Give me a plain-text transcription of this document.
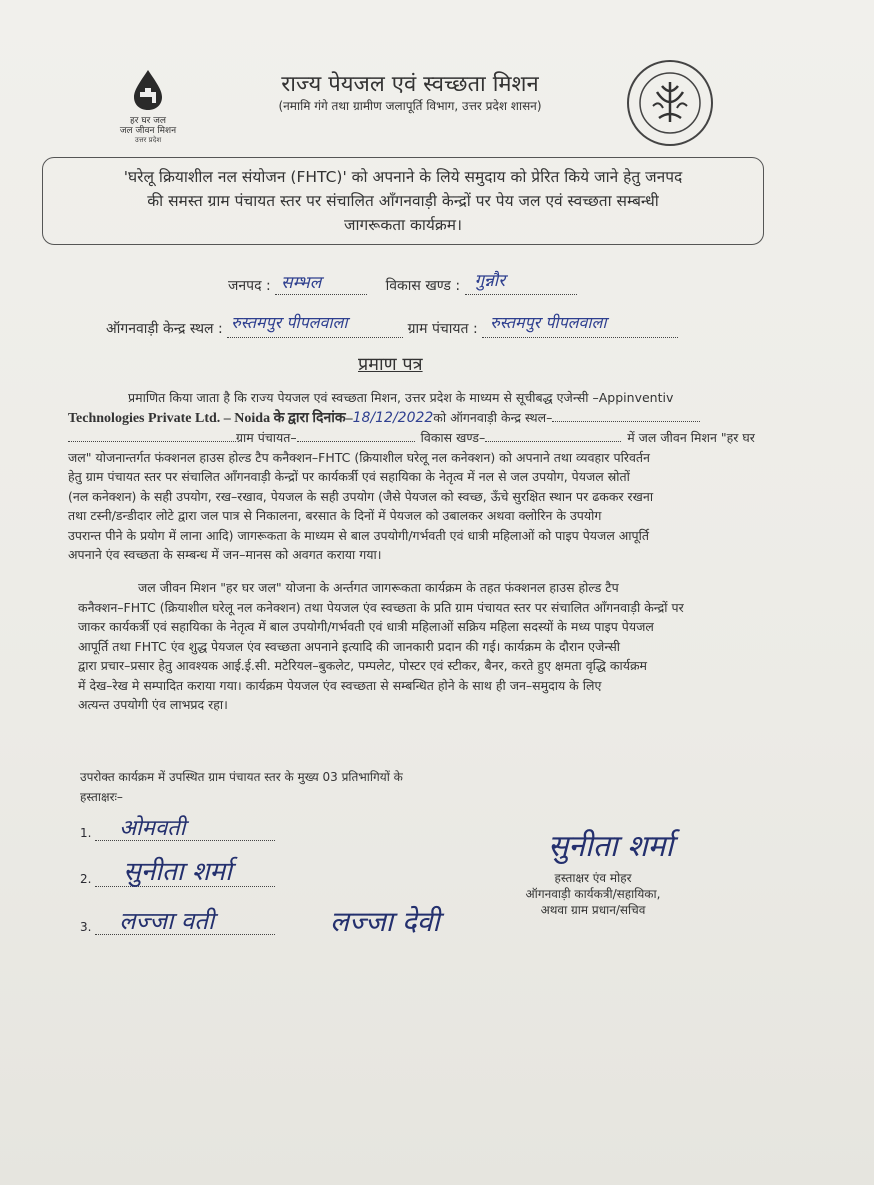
हर घर जल
जल जीवन मिशन
उत्तर प्रदेश
राज्य पेयजल एवं स्वच्छता मिशन
(नमामि गंगे तथा ग्रामीण जलापूर्ति विभाग, उत्तर प्रदेश शासन)
'घरेलू क्रियाशील नल संयोजन (FHTC)' को अपनाने के लिये समुदाय को प्रेरित किये जाने हेतु जनपद
की समस्त ग्राम पंचायत स्तर पर संचालित आँगनवाड़ी केन्द्रों पर पेय जल एवं स्वच्छता सम्बन्धी
जागरूकता कार्यक्रम।
जनपद : सम्भल	विकास खण्ड : गुन्नौर

ऑगनवाड़ी केन्द्र स्थल : रुस्तमपुर पीपलवाला	ग्राम पंचायत : रुस्तमपुर पीपलवाला

प्रमाण पत्र
प्रमाणित किया जाता है कि राज्य पेयजल एवं स्वच्छता मिशन, उत्तर प्रदेश के माध्यम से सूचीबद्ध एजेन्सी –Appinventiv
Technologies Private Ltd. – Noida के द्वारा दिनांक–18/12/2022को ऑगनवाड़ी केन्द्र स्थल–
ग्राम पंचायत–	विकास खण्ड–	में जल जीवन मिशन "हर घर
जल" योजनान्तर्गत फंक्शनल हाउस होल्ड टैप कनैक्शन–FHTC (क्रियाशील घरेलू नल कनेक्शन) को अपनाने तथा व्यवहार परिवर्तन
हेतु ग्राम पंचायत स्तर पर संचालित आँगनवाड़ी केन्द्रों पर कार्यकर्त्री एवं सहायिका के नेतृत्व में नल से जल उपयोग, पेयजल स्रोतों
(नल कनेक्शन) के सही उपयोग, रख–रखाव, पेयजल के सही उपयोग (जैसे पेयजल को स्वच्छ, ऊँचे सुरक्षित स्थान पर ढककर रखना
तथा टस्नी/डन्डीदार लोटे द्वारा जल पात्र से निकालना, बरसात के दिनों में पेयजल को उबालकर अथवा क्लोरिन के उपयोग
उपरान्त पीने के प्रयोग में लाना आदि) जागरूकता के माध्यम से बाल उपयोगी/गर्भवती एवं धात्री महिलाओं को पाइप पेयजल आपूर्ति
अपनाने एंव स्वच्छता के सम्बन्ध में जन–मानस को अवगत कराया गया।
जल जीवन मिशन "हर घर जल" योजना के अर्न्तगत जागरूकता कार्यक्रम के तहत फंक्शनल हाउस होल्ड टैप
कनैक्शन–FHTC (क्रियाशील घरेलू नल कनेक्शन) तथा पेयजल एंव स्वच्छता के प्रति ग्राम पंचायत स्तर पर संचालित आँगनवाड़ी केन्द्रों पर
जाकर कार्यकर्त्री एवं सहायिका के नेतृत्व में बाल उपयोगी/गर्भवती एवं धात्री महिलाओं सक्रिय महिला सदस्यों के मध्य पाइप पेयजल
आपूर्ति तथा FHTC एंव शुद्ध पेयजल एंव स्वच्छता अपनाने इत्यादि की जानकारी प्रदान की गई। कार्यक्रम के दौरान एजेन्सी
द्वारा प्रचार–प्रसार हेतु आवश्यक आई.ई.सी. मटेरियल–बुकलेट, पम्पलेट, पोस्टर एवं स्टीकर, बैनर, करते हुए क्षमता वृद्धि कार्यक्रम
में देख–रेख मे सम्पादित कराया गया। कार्यक्रम पेयजल एंव स्वच्छता से सम्बन्धित होने के साथ ही जन–समुदाय के लिए
अत्यन्त उपयोगी एंव लाभप्रद रहा।
उपरोक्त कार्यक्रम में उपस्थित ग्राम पंचायत स्तर के मुख्य 03 प्रतिभागियों के
हस्ताक्षरः–
1. ओमवती

2. सुनीता शर्मा

3. लज्जा वती
	लज्जा देवी
सुनीता शर्मा
हस्ताक्षर एंव मोहर
ऑगनवाड़ी कार्यकत्री/सहायिका,
अथवा ग्राम प्रधान/सचिव
